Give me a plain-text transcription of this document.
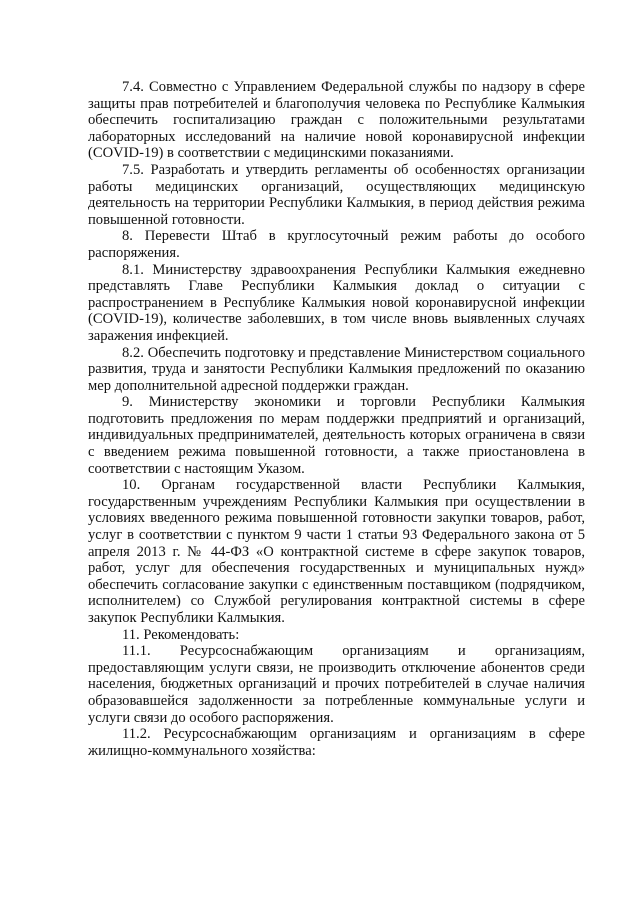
7.4. Совместно с Управлением Федеральной службы по надзору в сфере защиты прав потребителей и благополучия человека по Республике Калмыкия обеспечить госпитализацию граждан с положительными результатами лабораторных исследований на наличие новой коронавирусной инфекции (COVID-19) в соответствии с медицинскими показаниями.

7.5. Разработать и утвердить регламенты об особенностях организации работы медицинских организаций, осуществляющих медицинскую деятельность на территории Республики Калмыкия, в период действия режима повышенной готовности.

8. Перевести Штаб в круглосуточный режим работы до особого распоряжения.

8.1. Министерству здравоохранения Республики Калмыкия ежедневно представлять Главе Республики Калмыкия доклад о ситуации с распространением в Республике Калмыкия новой коронавирусной инфекции (COVID-19), количестве заболевших, в том числе вновь выявленных случаях заражения инфекцией.

8.2. Обеспечить подготовку и представление Министерством социального развития, труда и занятости Республики Калмыкия предложений по оказанию мер дополнительной адресной поддержки граждан.

9. Министерству экономики и торговли Республики Калмыкия подготовить предложения по мерам поддержки предприятий и организаций, индивидуальных предпринимателей, деятельность которых ограничена в связи с введением режима повышенной готовности, а также приостановлена в соответствии с настоящим Указом.

10. Органам государственной власти Республики Калмыкия, государственным учреждениям Республики Калмыкия при осуществлении в условиях введенного режима повышенной готовности закупки товаров, работ, услуг в соответствии с пунктом 9 части 1 статьи 93 Федерального закона от 5 апреля 2013 г. № 44-ФЗ «О контрактной системе в сфере закупок товаров, работ, услуг для обеспечения государственных и муниципальных нужд» обеспечить согласование закупки с единственным поставщиком (подрядчиком, исполнителем) со Службой регулирования контрактной системы в сфере закупок Республики Калмыкия.

11. Рекомендовать:

11.1. Ресурсоснабжающим организациям и организациям, предоставляющим услуги связи, не производить отключение абонентов среди населения, бюджетных организаций и прочих потребителей в случае наличия образовавшейся задолженности за потребленные коммунальные услуги и услуги связи до особого распоряжения.

11.2. Ресурсоснабжающим организациям и организациям в сфере жилищно-коммунального хозяйства:
